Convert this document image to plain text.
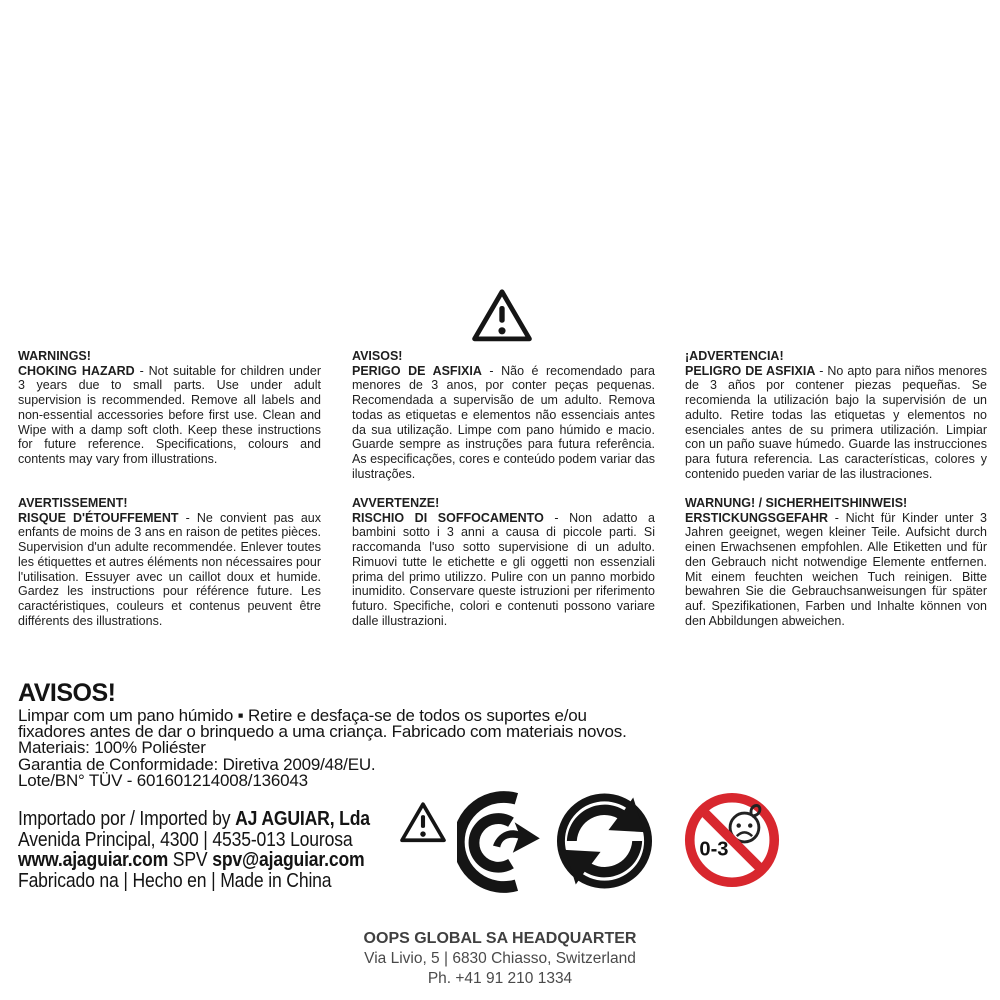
WARNINGS!

CHOKING HAZARD - Not suitable for children under 3 years due to small parts. Use under adult supervision is recommended. Remove all labels and non-essential accessories before first use. Clean and Wipe with a damp soft cloth. Keep these instructions for future reference. Specifications, colours and contents may vary from illustrations.

AVISOS!

PERIGO DE ASFIXIA - Não é recomendado para menores de 3 anos, por conter peças pequenas. Recomendada a supervisão de um adulto. Remova todas as etiquetas e elementos não essenciais antes da sua utilização. Limpe com pano húmido e macio. Guarde sempre as instruções para futura referência. As especificações, cores e conteúdo podem variar das ilustrações.

¡ADVERTENCIA!

PELIGRO DE ASFIXIA - No apto para niños menores de 3 años por contener piezas pequeñas. Se recomienda la utilización bajo la supervisión de un adulto. Retire todas las etiquetas y elementos no esenciales antes de su primera utilización. Limpiar con un paño suave húmedo. Guarde las instrucciones para futura referencia. Las características, colores y contenido pueden variar de las ilustraciones.

AVERTISSEMENT!

RISQUE D'ÉTOUFFEMENT - Ne convient pas aux enfants de moins de 3 ans en raison de petites pièces. Supervision d'un adulte recommendée. Enlever toutes les étiquettes et autres éléments non nécessaires pour l'utilisation. Essuyer avec un caillot doux et humide. Gardez les instructions pour référence future. Les caractéristiques, couleurs et contenus peuvent être différents des illustrations.

AVVERTENZE!

RISCHIO DI SOFFOCAMENTO - Non adatto a bambini sotto i 3 anni a causa di piccole parti. Si raccomanda l'uso sotto supervisione di un adulto. Rimuovi tutte le etichette e gli oggetti non essenziali prima del primo utilizzo. Pulire con un panno morbido inumidito. Conservare queste istruzioni per riferimento futuro. Specifiche, colori e contenuti possono variare dalle illustrazioni.

WARNUNG! / SICHERHEITSHINWEIS!

ERSTICKUNGSGEFAHR - Nicht für Kinder unter 3 Jahren geeignet, wegen kleiner Teile. Aufsicht durch einen Erwachsenen empfohlen. Alle Etiketten und für den Gebrauch nicht notwendige Elemente entfernen. Mit einem feuchten weichen Tuch reinigen. Bitte bewahren Sie die Gebrauchsanweisungen für später auf. Spezifikationen, Farben und Inhalte können von den Abbildungen abweichen.

AVISOS!
Limpar com um pano húmido ▪ Retire e desfaça-se de todos os suportes e/ou fixadores antes de dar o brinquedo a uma criança. Fabricado com materiais novos.
Materiais: 100% Poliéster
Garantia de Conformidade: Diretiva 2009/48/EU.
Lote/BN° TÜV - 601601214008/136043
Importado por / Imported by AJ AGUIAR, Lda
Avenida Principal, 4300 | 4535-013 Lourosa
www.ajaguiar.com SPV spv@ajaguiar.com
Fabricado na | Hecho en | Made in China
0-3
OOPS GLOBAL SA HEADQUARTER
Via Livio, 5 | 6830 Chiasso, Switzerland
Ph. +41 91 210 1334
